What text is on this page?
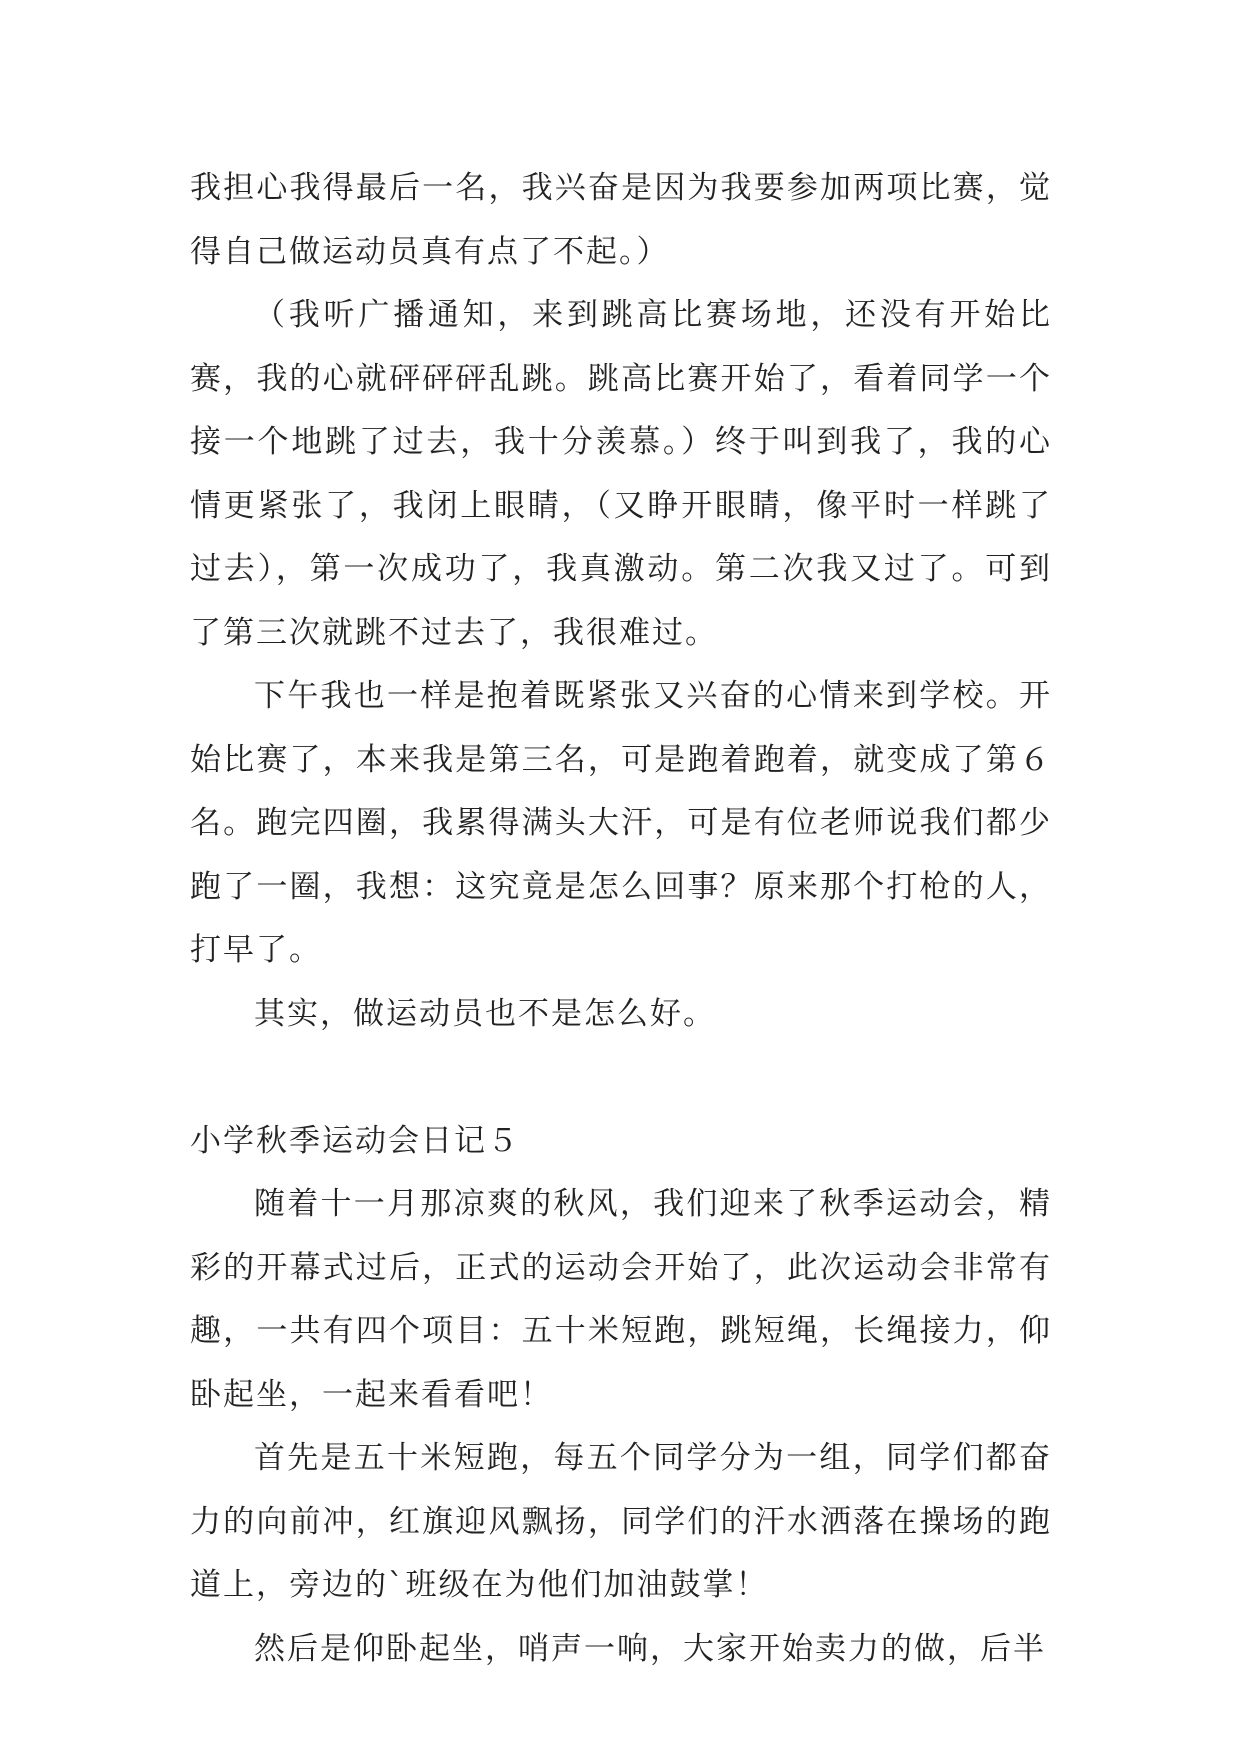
我担心我得最后一名，我兴奋是因为我要参加两项比赛，觉得自己做运动员真有点了不起。）

（我听广播通知，来到跳高比赛场地，还没有开始比赛，我的心就砰砰砰乱跳。跳高比赛开始了，看着同学一个接一个地跳了过去，我十分羡慕。）终于叫到我了，我的心情更紧张了，我闭上眼睛，（又睁开眼睛，像平时一样跳了过去），第一次成功了，我真激动。第二次我又过了。可到了第三次就跳不过去了，我很难过。

下午我也一样是抱着既紧张又兴奋的心情来到学校。开始比赛了，本来我是第三名，可是跑着跑着，就变成了第６名。跑完四圈，我累得满头大汗，可是有位老师说我们都少跑了一圈，我想：这究竟是怎么回事？原来那个打枪的人，打早了。

其实，做运动员也不是怎么好。

小学秋季运动会日记５

随着十一月那凉爽的秋风，我们迎来了秋季运动会，精彩的开幕式过后，正式的运动会开始了，此次运动会非常有趣，一共有四个项目：五十米短跑，跳短绳，长绳接力，仰卧起坐，一起来看看吧！

首先是五十米短跑，每五个同学分为一组，同学们都奋力的向前冲，红旗迎风飘扬，同学们的汗水洒落在操场的跑道上，旁边的`班级在为他们加油鼓掌！

然后是仰卧起坐，哨声一响，大家开始卖力的做，后半
